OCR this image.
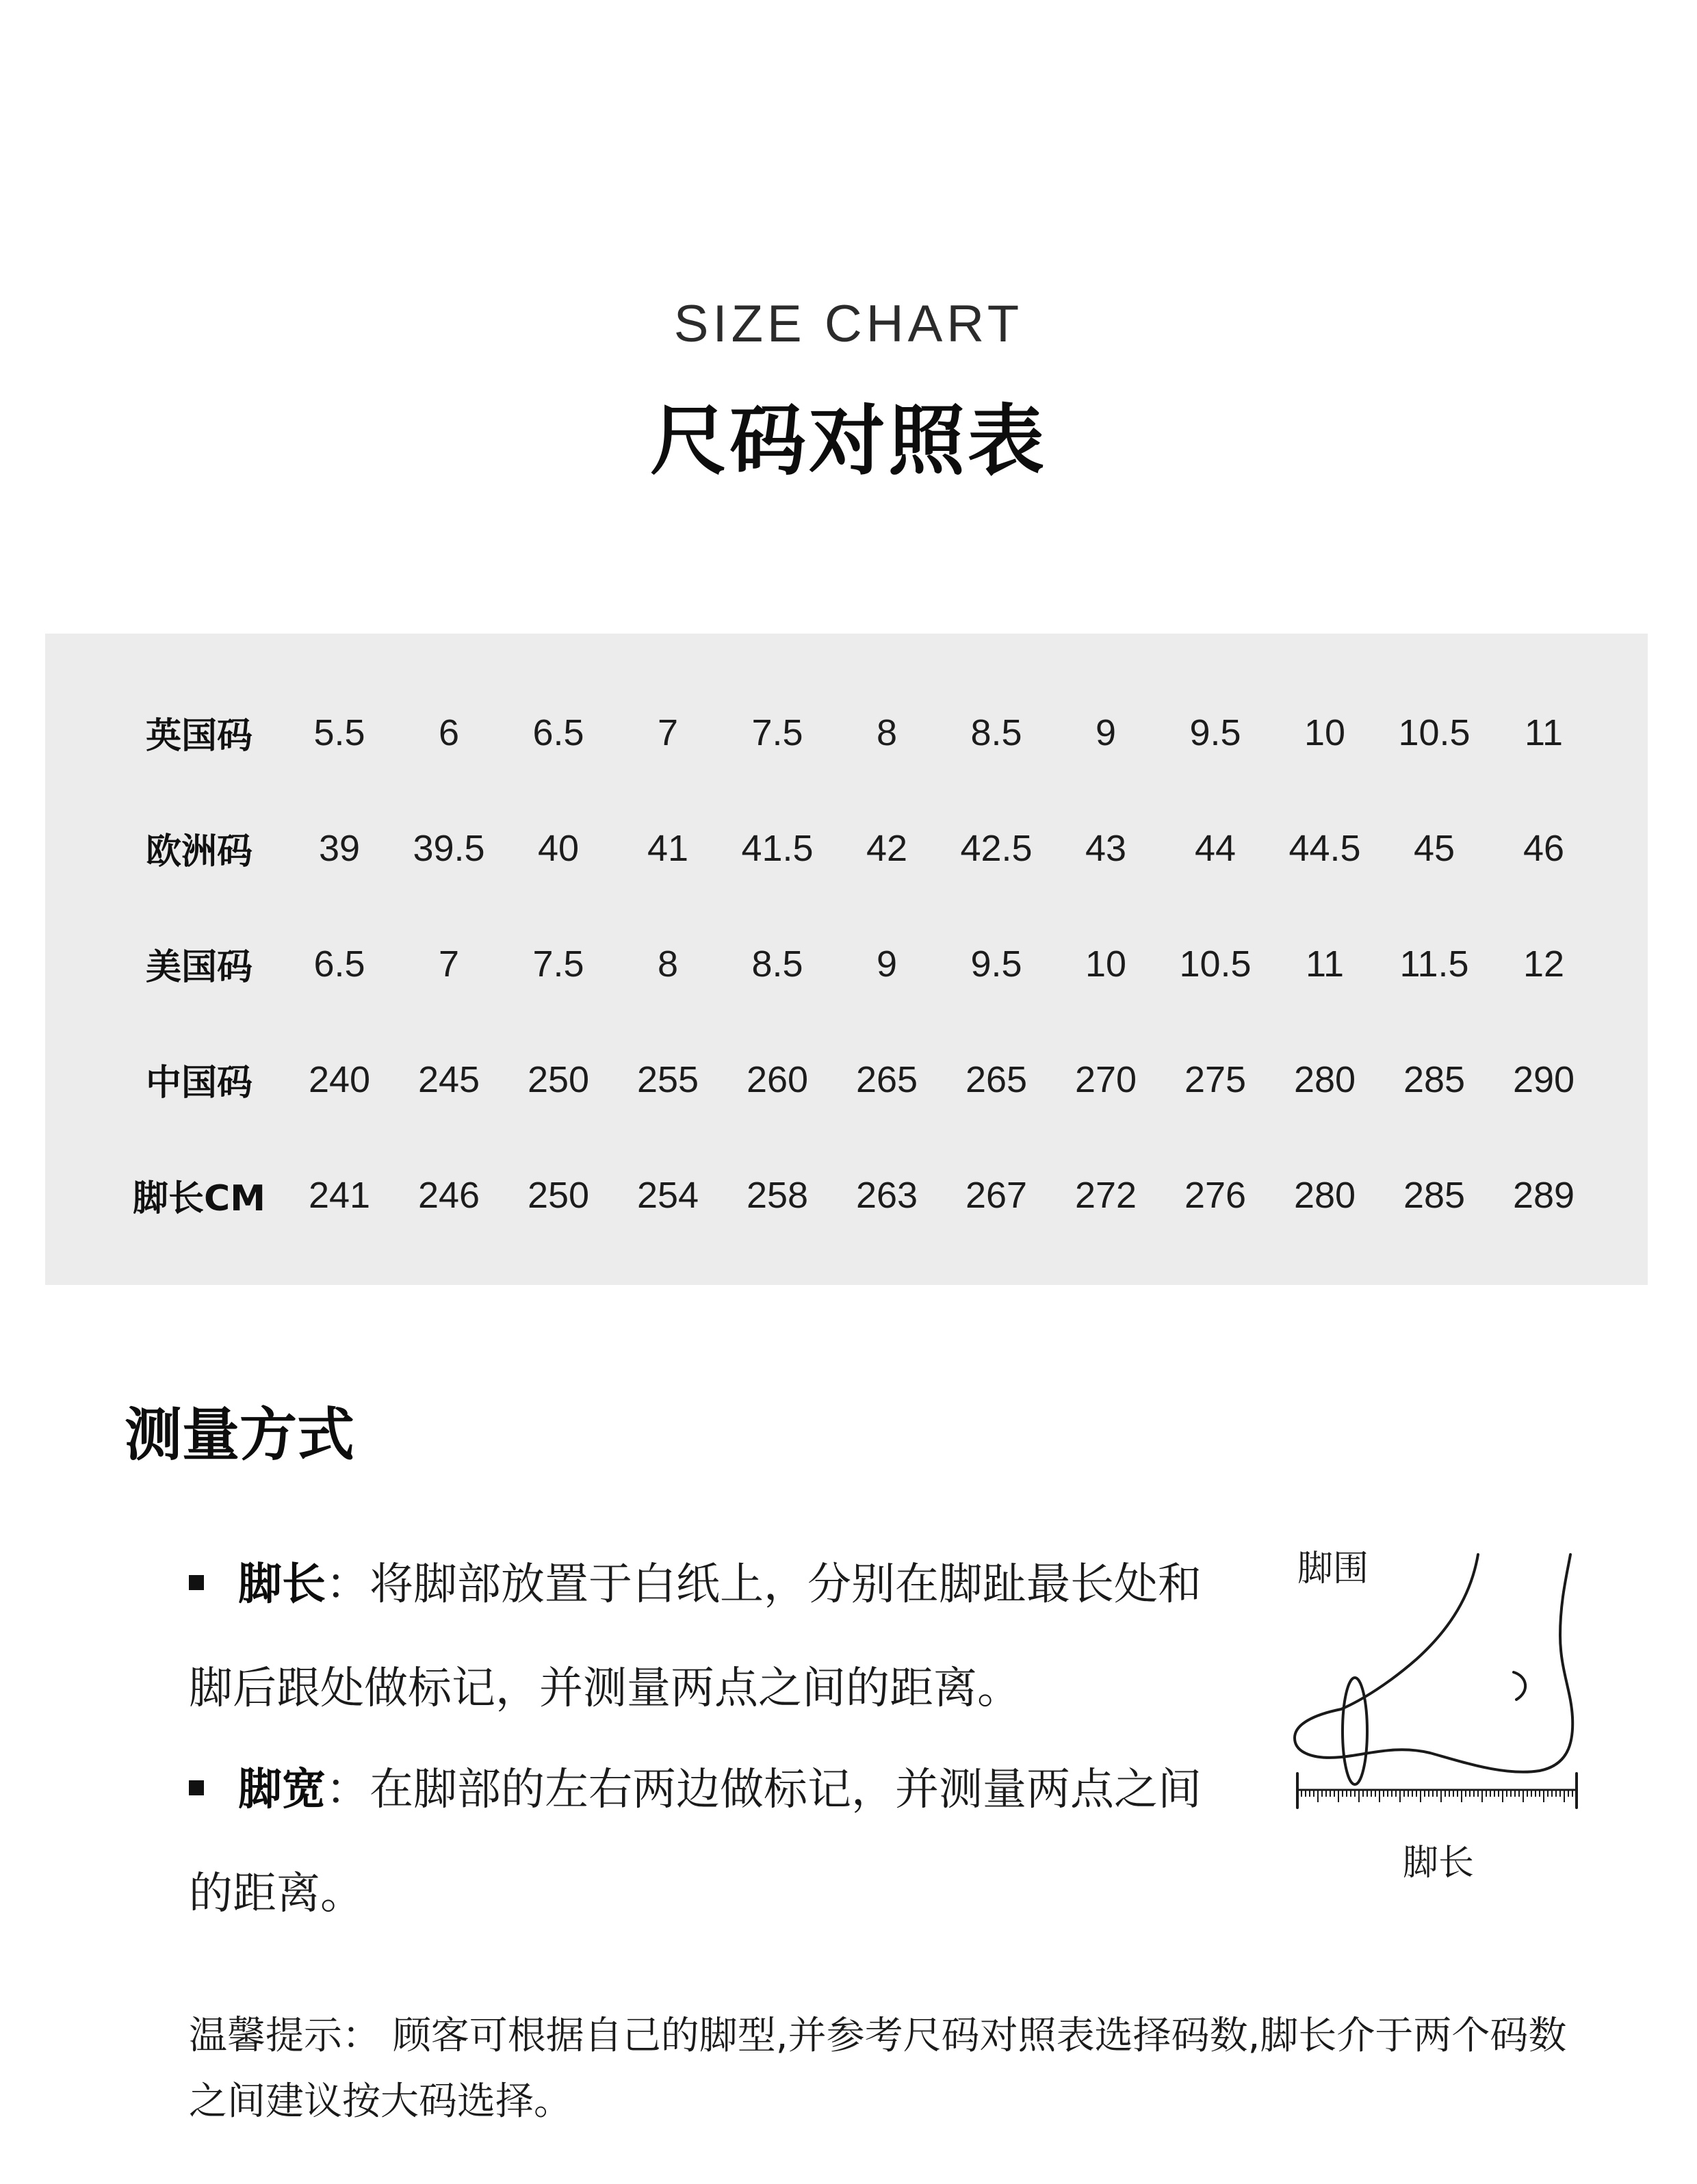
SIZE CHART
尺码对照表
英国码	5.5	6	6.5	7	7.5	8	8.5	9	9.5	10	10.5	11
欧洲码	39	39.5	40	41	41.5	42	42.5	43	44	44.5	45	46
美国码	6.5	7	7.5	8	8.5	9	9.5	10	10.5	11	11.5	12
中国码	240	245	250	255	260	265	265	270	275	280	285	290
脚长CM	241	246	250	254	258	263	267	272	276	280	285	289
测量方式
脚长：将脚部放置于白纸上，分别在脚趾最长处和脚后跟处做标记，并测量两点之间的距离。
脚宽：在脚部的左右两边做标记，并测量两点之间的距离。
脚围
脚长
温馨提示： 顾客可根据自己的脚型,并参考尺码对照表选择码数,脚长介于两个码数之间建议按大码选择。
